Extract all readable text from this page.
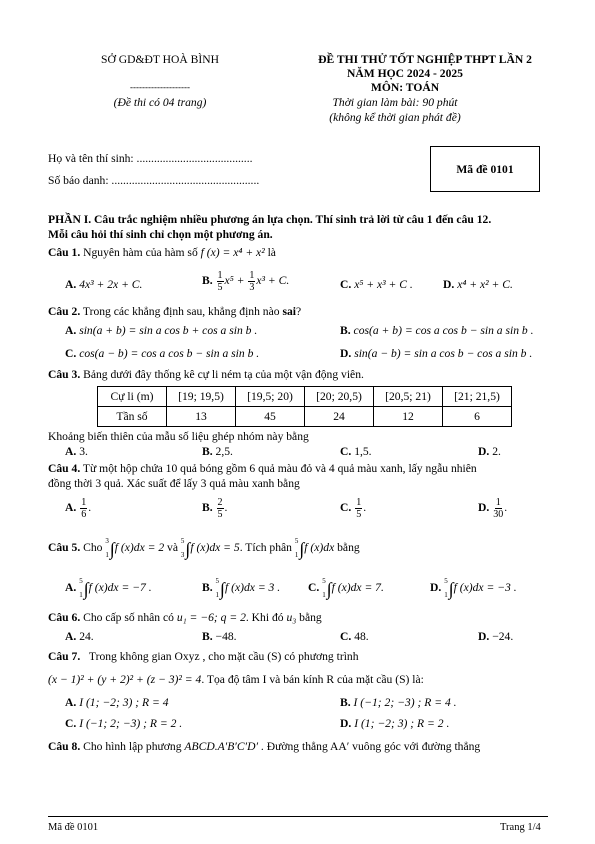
SỞ GD&ĐT HOÀ BÌNH
--------------------
(Đề thi có 04 trang)
ĐỀ THI THỬ TỐT NGHIỆP THPT LẦN 2
NĂM HỌC 2024 - 2025
MÔN: TOÁN
Thời gian làm bài: 90 phút
(không kể thời gian phát đề)
Họ và tên thí sinh: ........................................
Số báo danh: ...................................................
Mã đề 0101
PHẦN I. Câu trắc nghiệm nhiều phương án lựa chọn. Thí sinh trả lời từ câu 1 đến câu 12.
Mỗi câu hỏi thí sinh chỉ chọn một phương án.
Câu 1. Nguyên hàm của hàm số f (x) = x⁴ + x² là
A. 4x³ + 2x + C.	B. $\frac{1}{5} x^5 + \frac{1}{3} x^3 + C$.	C. x⁵ + x³ + C .	D. x⁴ + x² + C.
Câu 2. Trong các khẳng định sau, khẳng định nào sai?
A. sin(a + b) = sin a cos b + cos a sin b .	B. cos(a + b) = cos a cos b − sin a sin b .
C. cos(a − b) = cos a cos b − sin a sin b .	D. sin(a − b) = sin a cos b − cos a sin b .
Câu 3. Bảng dưới đây thống kê cự li ném tạ của một vận động viên.
Cự li (m)	[19; 19,5)	[19,5; 20)	[20; 20,5)	[20,5; 21)	[21; 21,5)
Tần số	13	45	24	12	6
Khoảng biến thiên của mẫu số liệu ghép nhóm này bằng
A. 3.	B. 2,5.	C. 1,5.	D. 2.
Câu 4. Từ một hộp chứa 10 quả bóng gồm 6 quả màu đỏ và 4 quả màu xanh, lấy ngẫu nhiên
đồng thời 3 quả. Xác suất để lấy 3 quả màu xanh bằng
A. $\frac{1}{6}$ .	B. $\frac{2}{5}$ .	C. $\frac{1}{5}$ .	D. $\frac{1}{30}$ .
Câu 5. Cho
3

1 ∫ f (x)dx = 2 và
5

3 ∫ f (x)dx = 5. Tích phân
5

1 ∫ f (x)dx bằng
A.
5

1 ∫ f (x)dx = −7 .	B.
5

1 ∫ f (x)dx = 3 . C.
5

1 ∫ f (x)dx = 7.	D.
5

1 ∫ f (x)dx = −3 .
Câu 6. Cho cấp số nhân có u₁ = −6; q = 2. Khi đó u₃ bằng
A. 24.	B. −48.	C. 48.	D. −24.
Câu 7. Trong không gian Oxyz , cho mặt cầu (S) có phương trình
(x − 1)² + (y + 2)² + (z − 3)² = 4. Tọa độ tâm I và bán kính R của mặt cầu (S) là:
A. I (1; −2; 3) ; R = 4	B. I (−1; 2; −3) ; R = 4 .
C. I (−1; 2; −3) ; R = 2 .	D. I (1; −2; 3) ; R = 2 .
Câu 8. Cho hình lập phương ABCD.A′B′C′D′ . Đường thẳng AA′ vuông góc với đường thẳng
Mã đề 0101	Trang 1/4
